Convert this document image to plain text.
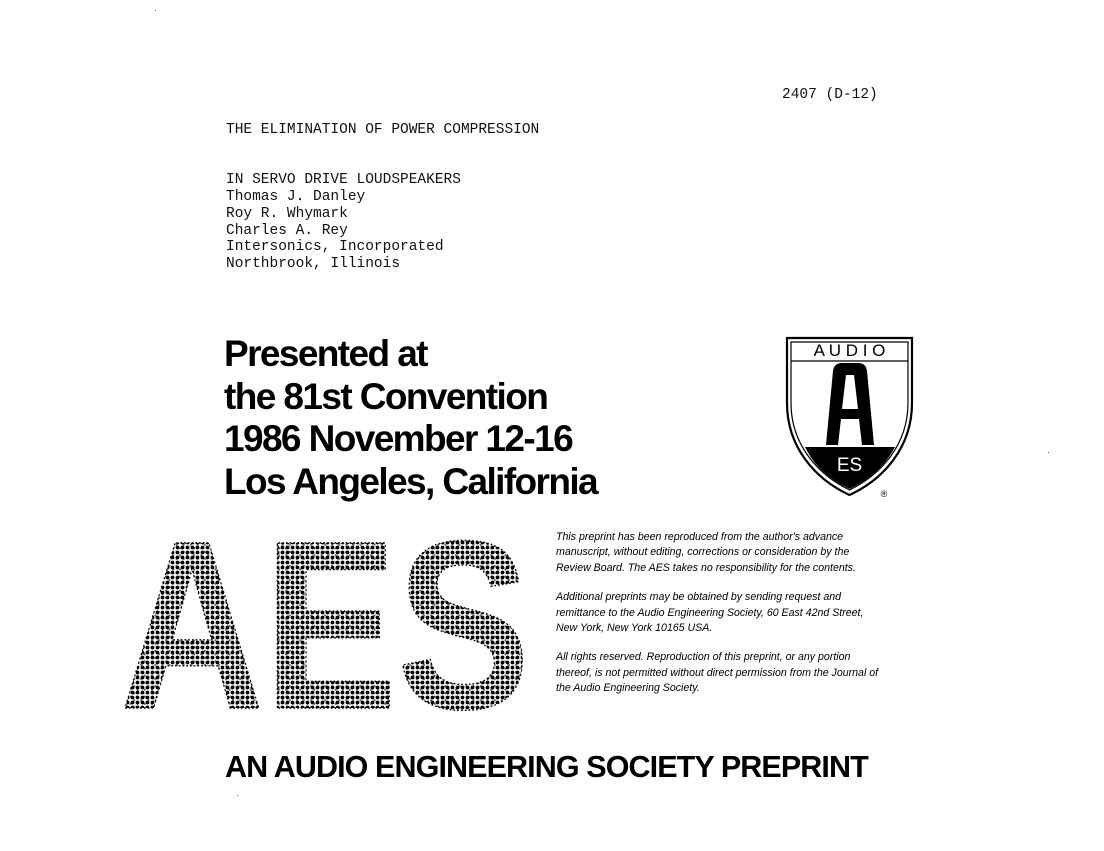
THE ELIMINATION OF POWER COMPRESSION

IN SERVO DRIVE LOUDSPEAKERS

2407 (D-12)
Thomas J. Danley
Roy R. Whymark
Charles A. Rey
Intersonics, Incorporated
Northbrook, Illinois
Presented at
the 81st Convention
1986 November 12-16
Los Angeles, California
A U D I O
ES
®
AES
AES This preprint has been reproduced from the author's advance manuscript, without editing, corrections or consideration by the Review Board. The AES takes no responsibility for the contents.

Additional preprints may be obtained by sending request and remittance to the Audio Engineering Society, 60 East 42nd Street, New York, New York 10165 USA.

All rights reserved. Reproduction of this preprint, or any portion thereof, is not permitted without direct permission from the Journal of the Audio Engineering Society.

AN AUDIO ENGINEERING SOCIETY PREPRINT
